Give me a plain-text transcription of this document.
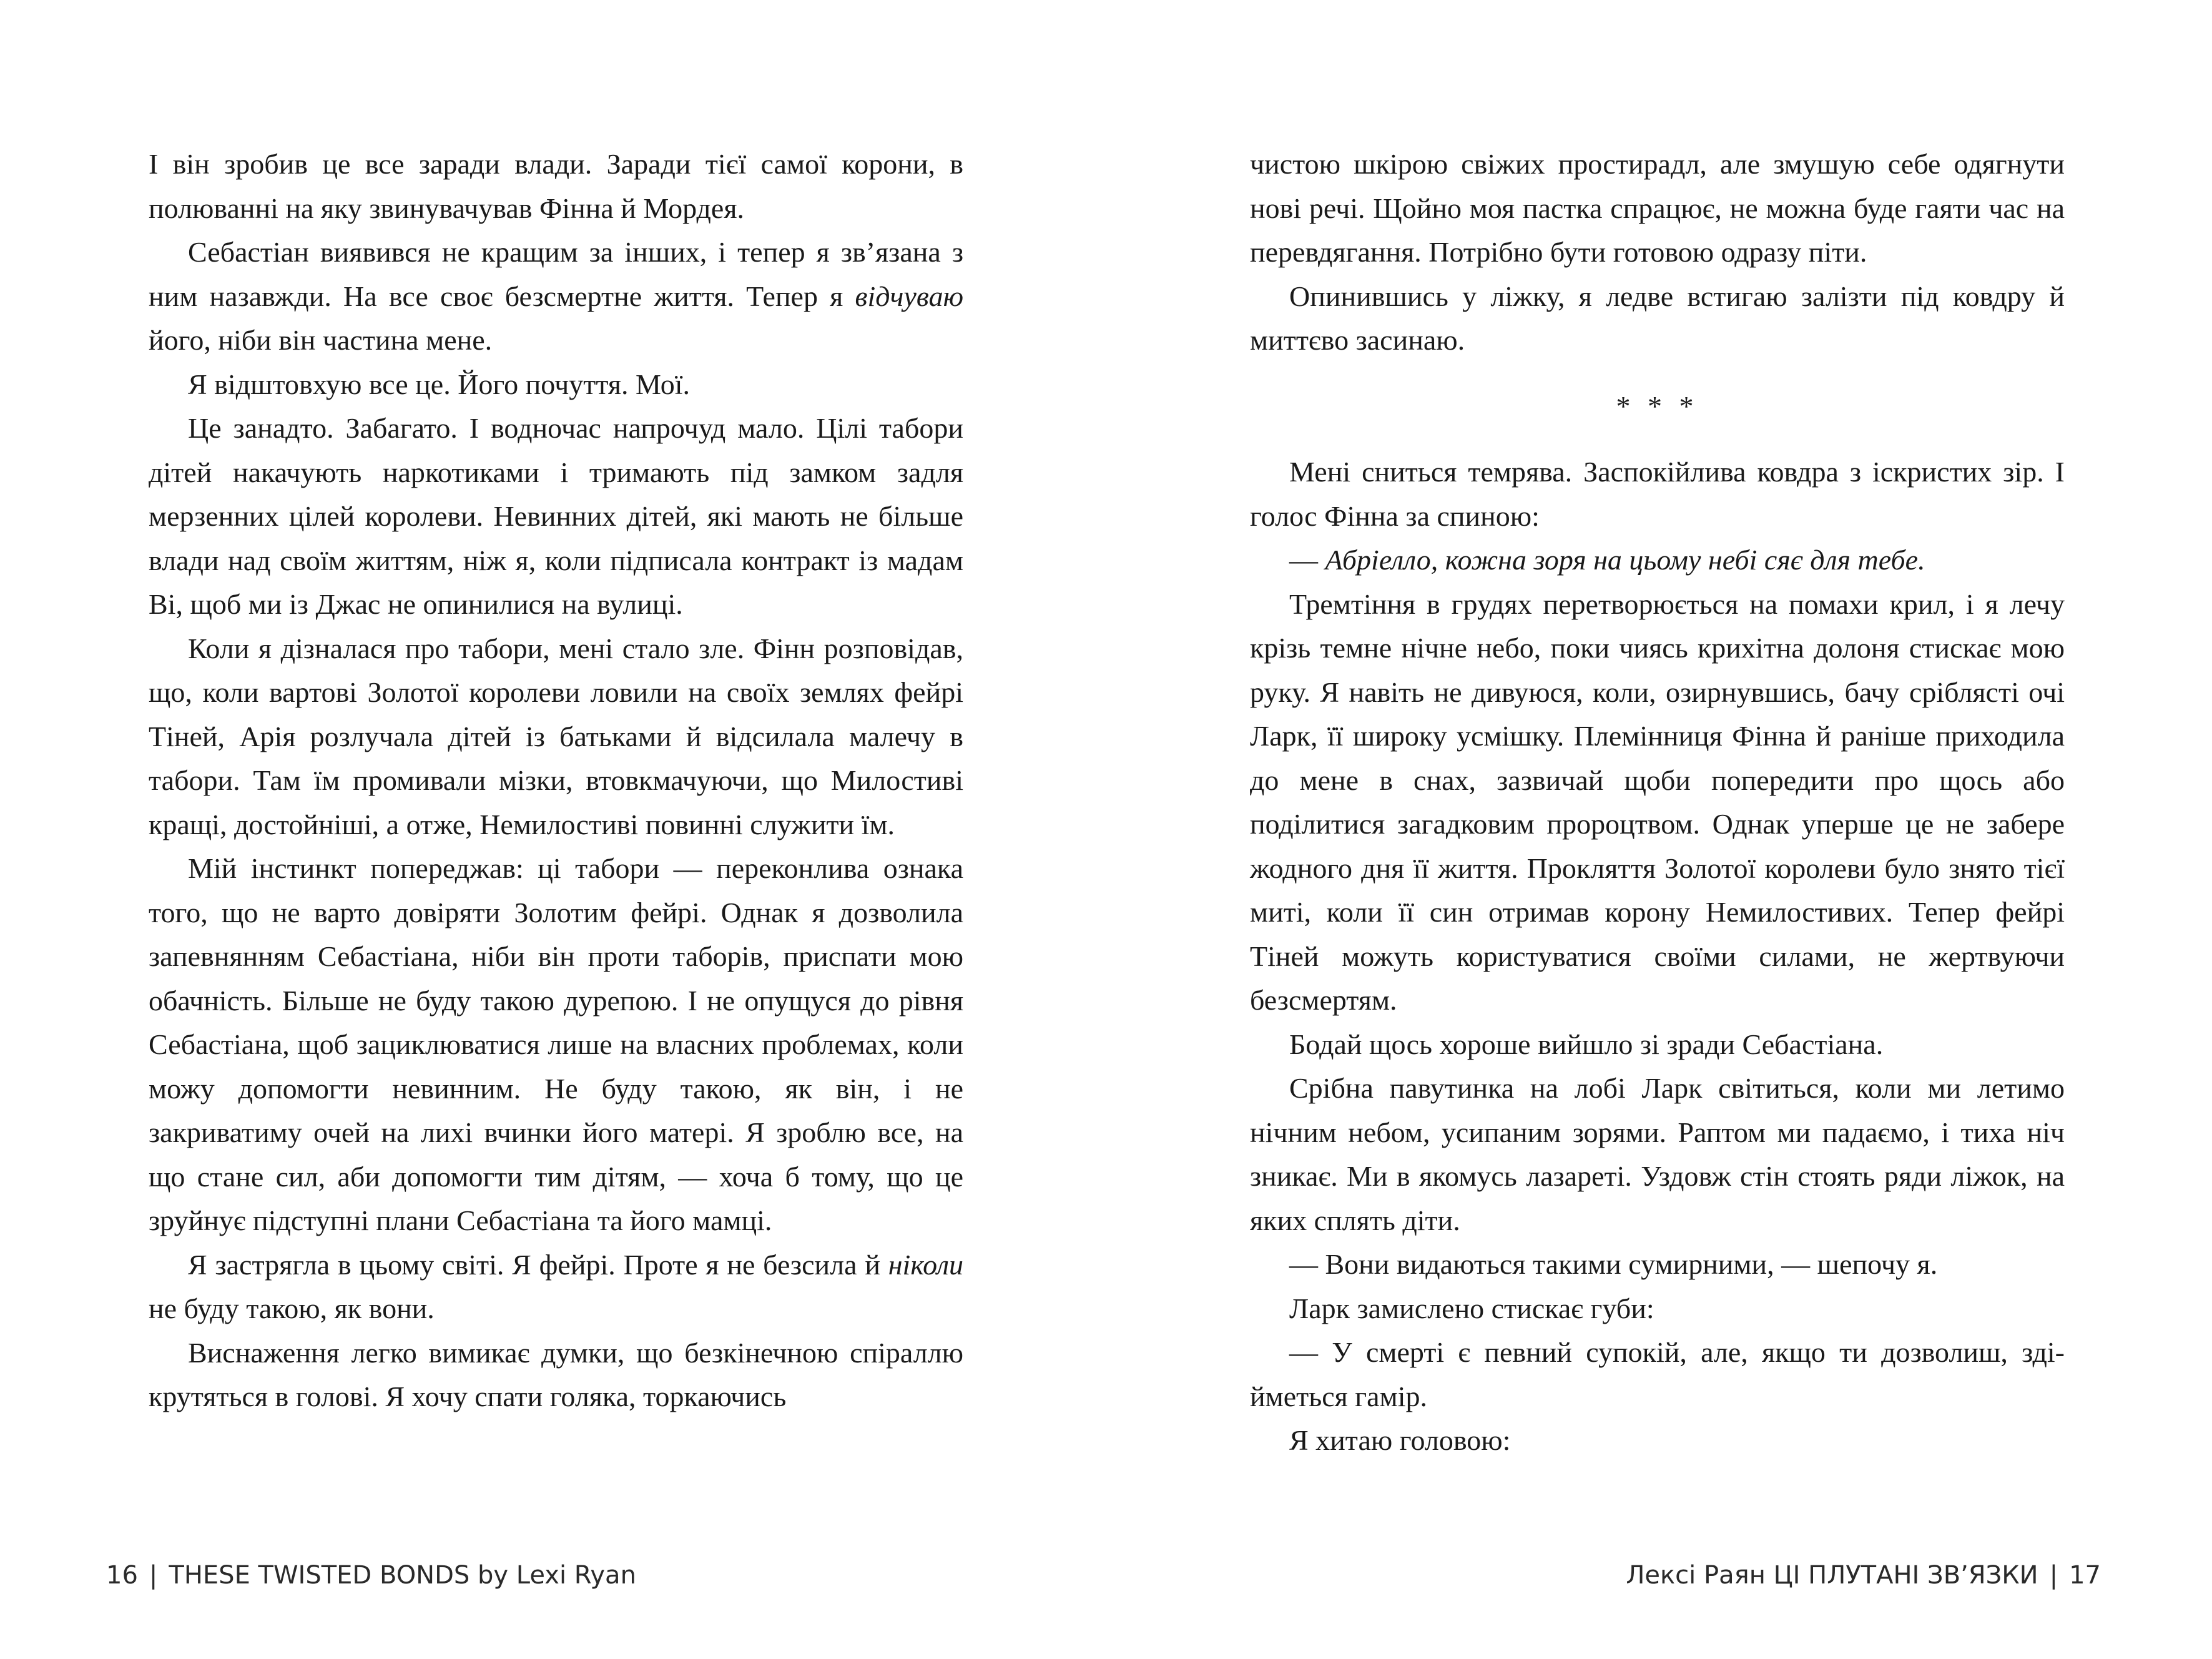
І він зробив це все заради влади. Заради тієї самої корони, в полюванні на яку звинувачував Фінна й Мордея.

Себастіан виявився не кращим за інших, і тепер я зв’язана з ним назавжди. На все своє безсмертне життя. Тепер я відчуваю його, ніби він частина мене.

Я відштовхую все це. Його почуття. Мої.

Це занадто. Забагато. І водночас напрочуд мало. Цілі табори дітей накачують наркотиками і тримають під замком задля мерзенних цілей королеви. Невинних дітей, які мають не більше влади над своїм життям, ніж я, коли підписала контракт із мадам Ві, щоб ми із Джас не опинилися на вулиці.

Коли я дізналася про табори, мені стало зле. Фінн розповідав, що, коли вартові Золотої королеви ловили на своїх землях фейрі Тіней, Арія розлучала дітей із батьками й відсилала малечу в табори. Там їм промивали мізки, втовкмачуючи, що Милостиві кращі, достойніші, а отже, Немилостиві повинні служити їм.

Мій інстинкт попереджав: ці табори — переконлива ознака того, що не варто довіряти Золотим фейрі. Однак я дозволила запевнянням Себастіана, ніби він проти таборів, приспати мою обачність. Більше не буду такою дурепою. І не опущуся до рівня Себастіана, щоб зациклюватися лише на власних проблемах, коли можу допомогти невинним. Не буду такою, як він, і не закриватиму очей на лихі вчинки його матері. Я зроблю все, на що стане сил, аби допомогти тим дітям, — хоча б тому, що це зруйнує підступні плани Себастіана та його мамці.

Я застрягла в цьому світі. Я фейрі. Проте я не безсила й ніколи не буду такою, як вони.

Виснаження легко вимикає думки, що безкінечною спіраллю крутяться в голові. Я хочу спати голяка, торкаючись

16 | THESE TWISTED BONDS by Lexi Ryan

чистою шкірою свіжих простирадл, але змушую себе одягнути нові речі. Щойно моя пастка спрацює, не можна буде гаяти час на перевдягання. Потрібно бути готовою одразу піти.

Опинившись у ліжку, я ледве встигаю залізти під ковдру й миттєво засинаю.

* * *

Мені сниться темрява. Заспокійлива ковдра з іскристих зір. І голос Фінна за спиною:

— Абріелло, кожна зоря на цьому небі сяє для тебе.

Тремтіння в грудях перетворюється на помахи крил, і я лечу крізь темне нічне небо, поки чиясь крихітна долоня стискає мою руку. Я навіть не дивуюся, коли, озирнувшись, бачу сріблясті очі Ларк, її широку усмішку. Племінниця Фінна й раніше приходила до мене в снах, зазвичай щоби попередити про щось або поділитися загадковим пророцтвом. Однак уперше це не забере жодного дня її життя. Прокляття Золотої королеви було знято тієї миті, коли її син отримав корону Немилостивих. Тепер фейрі Тіней можуть користуватися своїми силами, не жертвуючи безсмертям.

Бодай щось хороше вийшло зі зради Себастіана.

Срібна павутинка на лобі Ларк світиться, коли ми летимо нічним небом, усипаним зорями. Раптом ми падаємо, і тиха ніч зникає. Ми в якомусь лазареті. Уздовж стін стоять ряди ліжок, на яких сплять діти.

— Вони видаються такими сумирними, — шепочу я.

Ларк замислено стискає губи:

— У смерті є певний супокій, але, якщо ти дозволиш, здійметься гамір.

Я хитаю головою:

Лексі Раян ЦІ ПЛУТАНІ ЗВ’ЯЗКИ | 17
